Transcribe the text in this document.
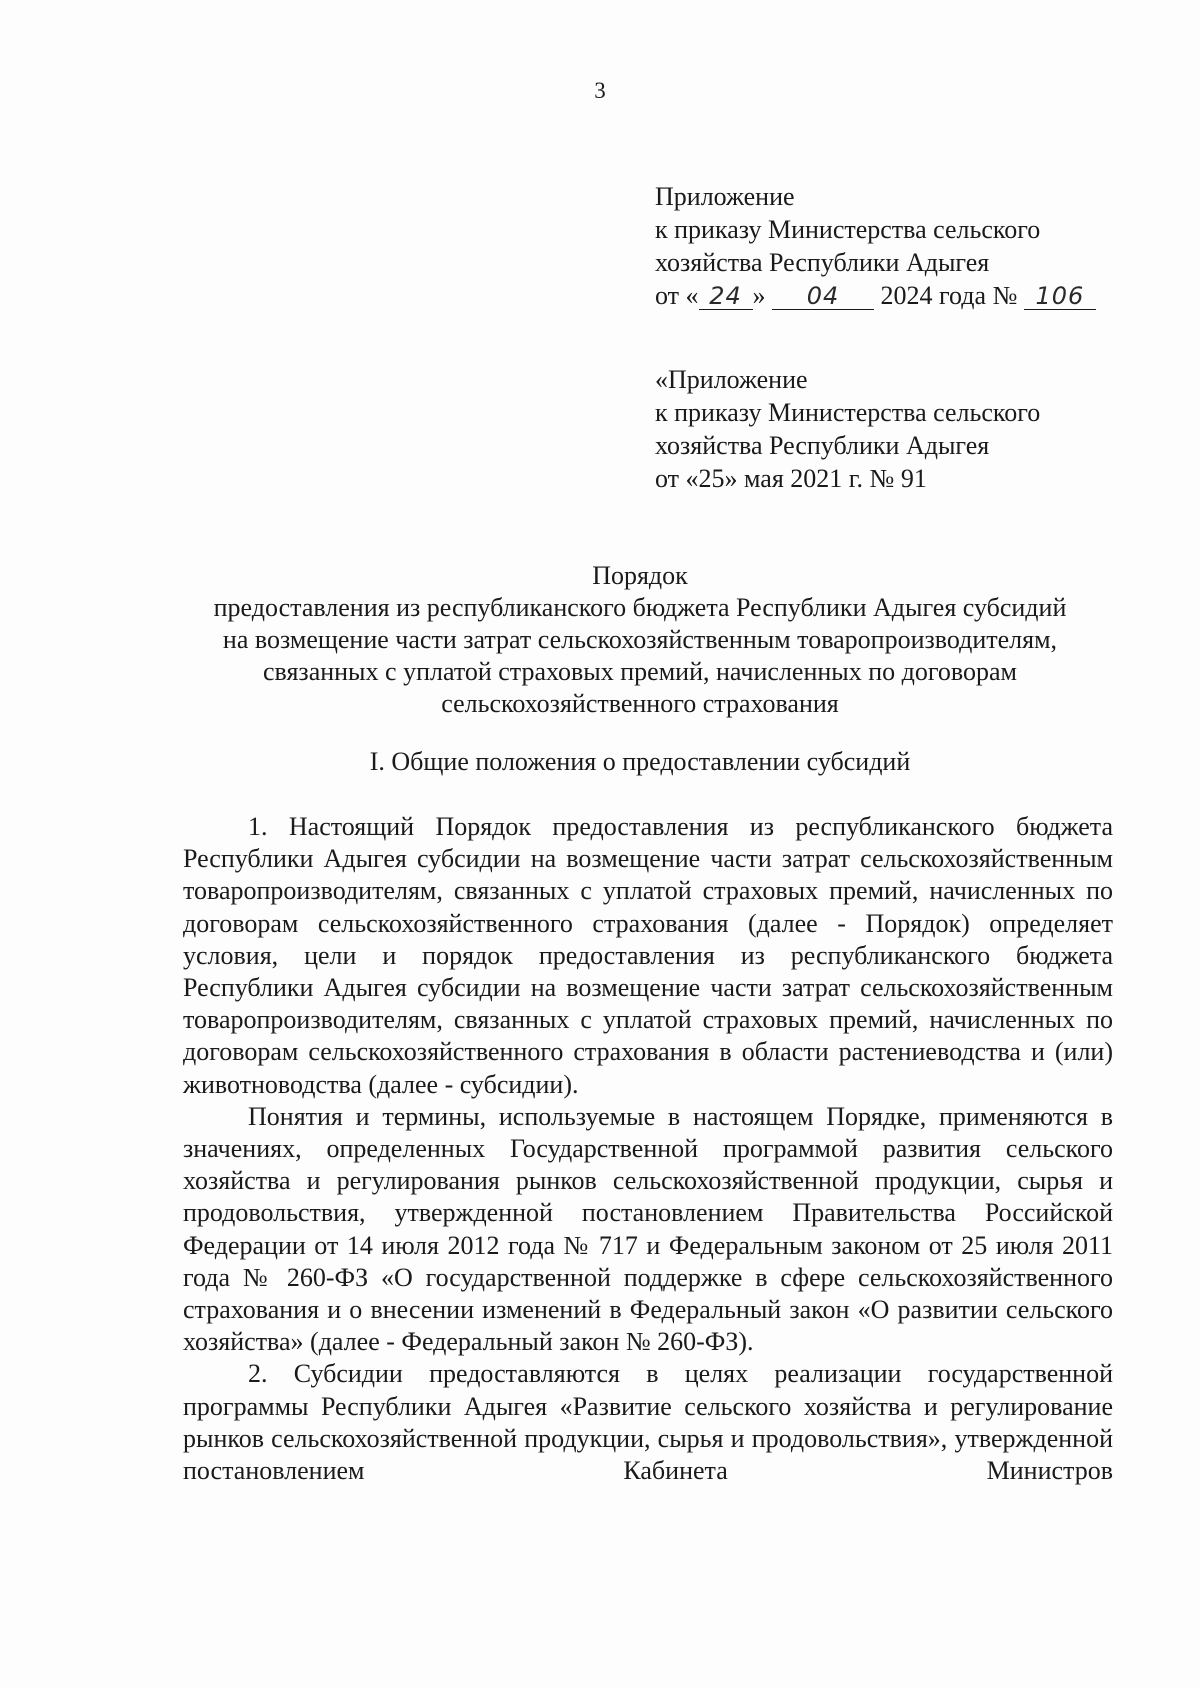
3
Приложение
к приказу Министерства сельского
хозяйства Республики Адыгея
от « 24 » 04 2024 года № 106
«Приложение
к приказу Министерства сельского
хозяйства Республики Адыгея
от «25» мая 2021 г. № 91
Порядок
предоставления из республиканского бюджета Республики Адыгея субсидий
на возмещение части затрат сельскохозяйственным товаропроизводителям,
связанных с уплатой страховых премий, начисленных по договорам
сельскохозяйственного страхования
I. Общие положения о предоставлении субсидий

1. Настоящий Порядок предоставления из республиканского бюджета Республики Адыгея субсидии на возмещение части затрат сельскохозяйственным товаропроизводителям, связанных с уплатой страховых премий, начисленных по договорам сельскохозяйственного страхования (далее - Порядок) определяет условия, цели и порядок предоставления из республиканского бюджета Республики Адыгея субсидии на возмещение части затрат сельскохозяйственным товаропроизводителям, связанных с уплатой страховых премий, начисленных по договорам сельскохозяйственного страхования в области растениеводства и (или) животноводства (далее - субсидии).

Понятия и термины, используемые в настоящем Порядке, применяются в значениях, определенных Государственной программой развития сельского хозяйства и регулирования рынков сельскохозяйственной продукции, сырья и продовольствия, утвержденной постановлением Правительства Российской Федерации от 14 июля 2012 года № 717 и Федеральным законом от 25 июля 2011 года № 260-ФЗ «О государственной поддержке в сфере сельскохозяйственного страхования и о внесении изменений в Федеральный закон «О развитии сельского хозяйства» (далее - Федеральный закон № 260-ФЗ).

2. Субсидии предоставляются в целях реализации государственной программы Республики Адыгея «Развитие сельского хозяйства и регулирование рынков сельскохозяйственной продукции, сырья и продовольствия», утвержденной постановлением Кабинета Министров
